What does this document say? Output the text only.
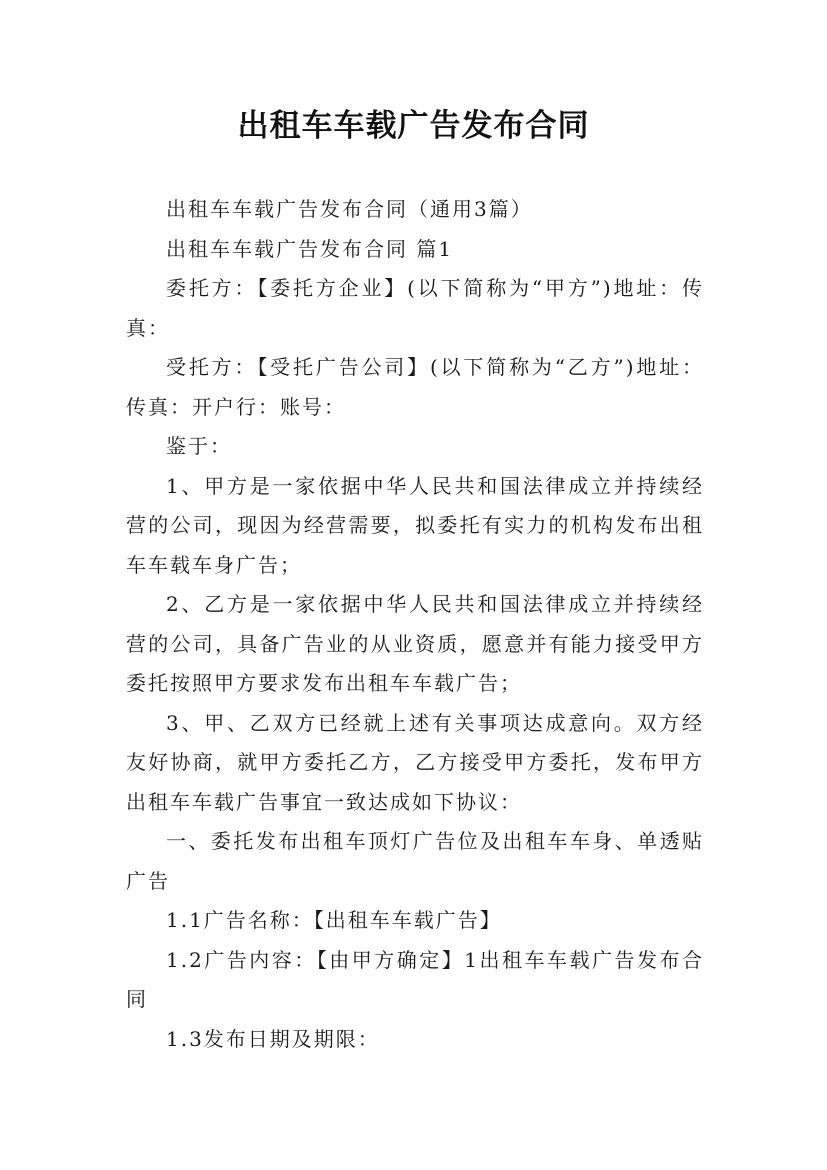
出租车车载广告发布合同

出租车车载广告发布合同（通用3篇）

出租车车载广告发布合同 篇1

委托方：【委托方企业】(以下简称为“甲方”)地址：传真：

受托方：【受托广告公司】(以下简称为“乙方”)地址：传真：开户行：账号：

鉴于：

1、甲方是一家依据中华人民共和国法律成立并持续经营的公司，现因为经营需要，拟委托有实力的机构发布出租车车载车身广告；

2、乙方是一家依据中华人民共和国法律成立并持续经营的公司，具备广告业的从业资质，愿意并有能力接受甲方委托按照甲方要求发布出租车车载广告；

3、甲、乙双方已经就上述有关事项达成意向。双方经友好协商，就甲方委托乙方，乙方接受甲方委托，发布甲方出租车车载广告事宜一致达成如下协议：

一、委托发布出租车顶灯广告位及出租车车身、单透贴广告

1.1广告名称：【出租车车载广告】

1.2广告内容：【由甲方确定】1出租车车载广告发布合同

1.3发布日期及期限：
